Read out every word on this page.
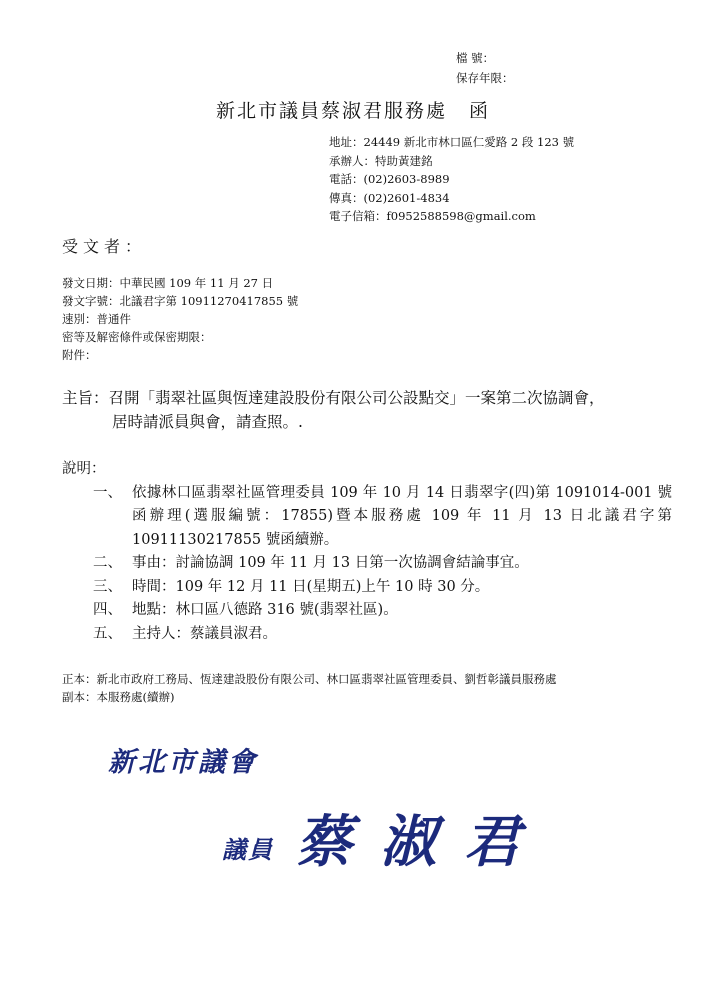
檔 號：
保存年限：
新北市議員蔡淑君服務處 函
地址：24449 新北市林口區仁愛路 2 段 123 號
承辦人：特助黃建銘
電話：(02)2603-8989
傳真：(02)2601-4834
電子信箱：f0952588598@gmail.com
受文者：
發文日期：中華民國 109 年 11 月 27 日
發文字號：北議君字第 10911270417855 號
速別：普通件
密等及解密條件或保密期限：
附件：
主旨：召開「翡翠社區與恆達建設股份有限公司公設點交」一案第二次協調會，
居時請派員與會，請查照。.
說明：
一、 依據林口區翡翠社區管理委員 109 年 10 月 14 日翡翠字(四)第 1091014-001 號函辦理(選服編號：17855)暨本服務處 109 年 11 月 13 日北議君字第 10911130217855 號函續辦。
二、 事由：討論協調 109 年 11 月 13 日第一次協調會結論事宜。
三、 時間：109 年 12 月 11 日(星期五)上午 10 時 30 分。
四、 地點：林口區八德路 316 號(翡翠社區)。
五、 主持人：蔡議員淑君。
正本：新北市政府工務局、恆達建設股份有限公司、林口區翡翠社區管理委員、劉哲彰議員服務處
副本：本服務處(續辦)
新北市議會
議員 蔡淑君
